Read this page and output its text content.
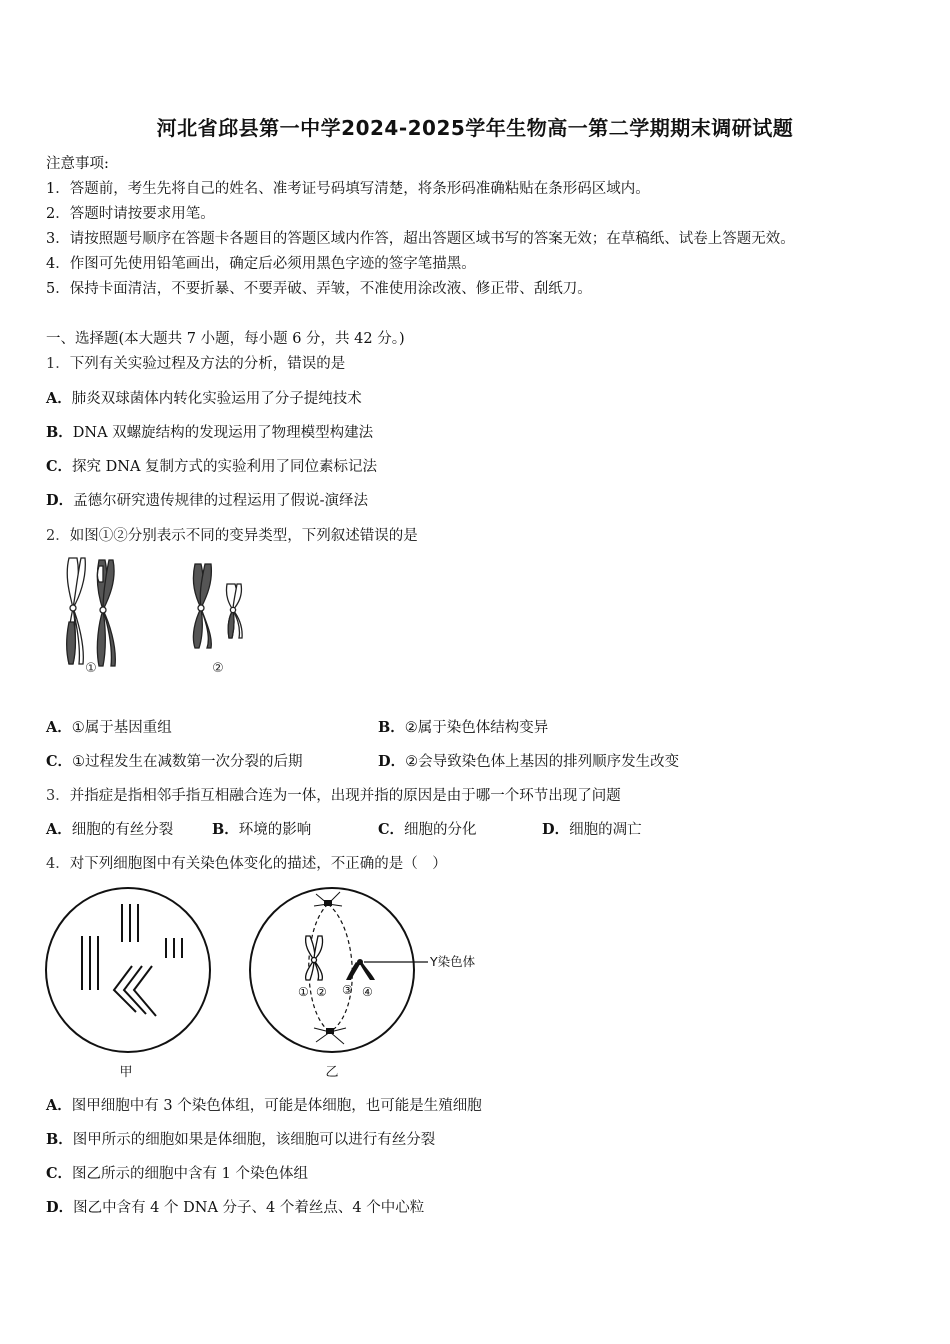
河北省邱县第一中学2024-2025学年生物高一第二学期期末调研试题
注意事项:
1．答题前，考生先将自己的姓名、准考证号码填写清楚，将条形码准确粘贴在条形码区域内。
2．答题时请按要求用笔。
3．请按照题号顺序在答题卡各题目的答题区域内作答，超出答题区域书写的答案无效；在草稿纸、试卷上答题无效。
4．作图可先使用铅笔画出，确定后必须用黑色字迹的签字笔描黑。
5．保持卡面清洁，不要折暴、不要弄破、弄皱，不准使用涂改液、修正带、刮纸刀。
一、选择题(本大题共 7 小题，每小题 6 分，共 42 分。)
1．下列有关实验过程及方法的分析，错误的是
A．肺炎双球菌体内转化实验运用了分子提纯技术
B．DNA 双螺旋结构的发现运用了物理模型构建法
C．探究 DNA 复制方式的实验利用了同位素标记法
D．孟德尔研究遗传规律的过程运用了假说-演绎法
2．如图①②分别表示不同的变异类型，下列叙述错误的是
①	②
A．①属于基因重组	B．②属于染色体结构变异
C．①过程发生在减数第一次分裂的后期	D．②会导致染色体上基因的排列顺序发生改变
3．并指症是指相邻手指互相融合连为一体，出现并指的原因是由于哪一个环节出现了问题
A．细胞的有丝分裂	B．环境的影响	C．细胞的分化	D．细胞的凋亡
4．对下列细胞图中有关染色体变化的描述，不正确的是（　）
甲
Y染色体
① ② ③ ④
乙
A．图甲细胞中有 3 个染色体组，可能是体细胞，也可能是生殖细胞
B．图甲所示的细胞如果是体细胞，该细胞可以进行有丝分裂
C．图乙所示的细胞中含有 1 个染色体组
D．图乙中含有 4 个 DNA 分子、4 个着丝点、4 个中心粒
